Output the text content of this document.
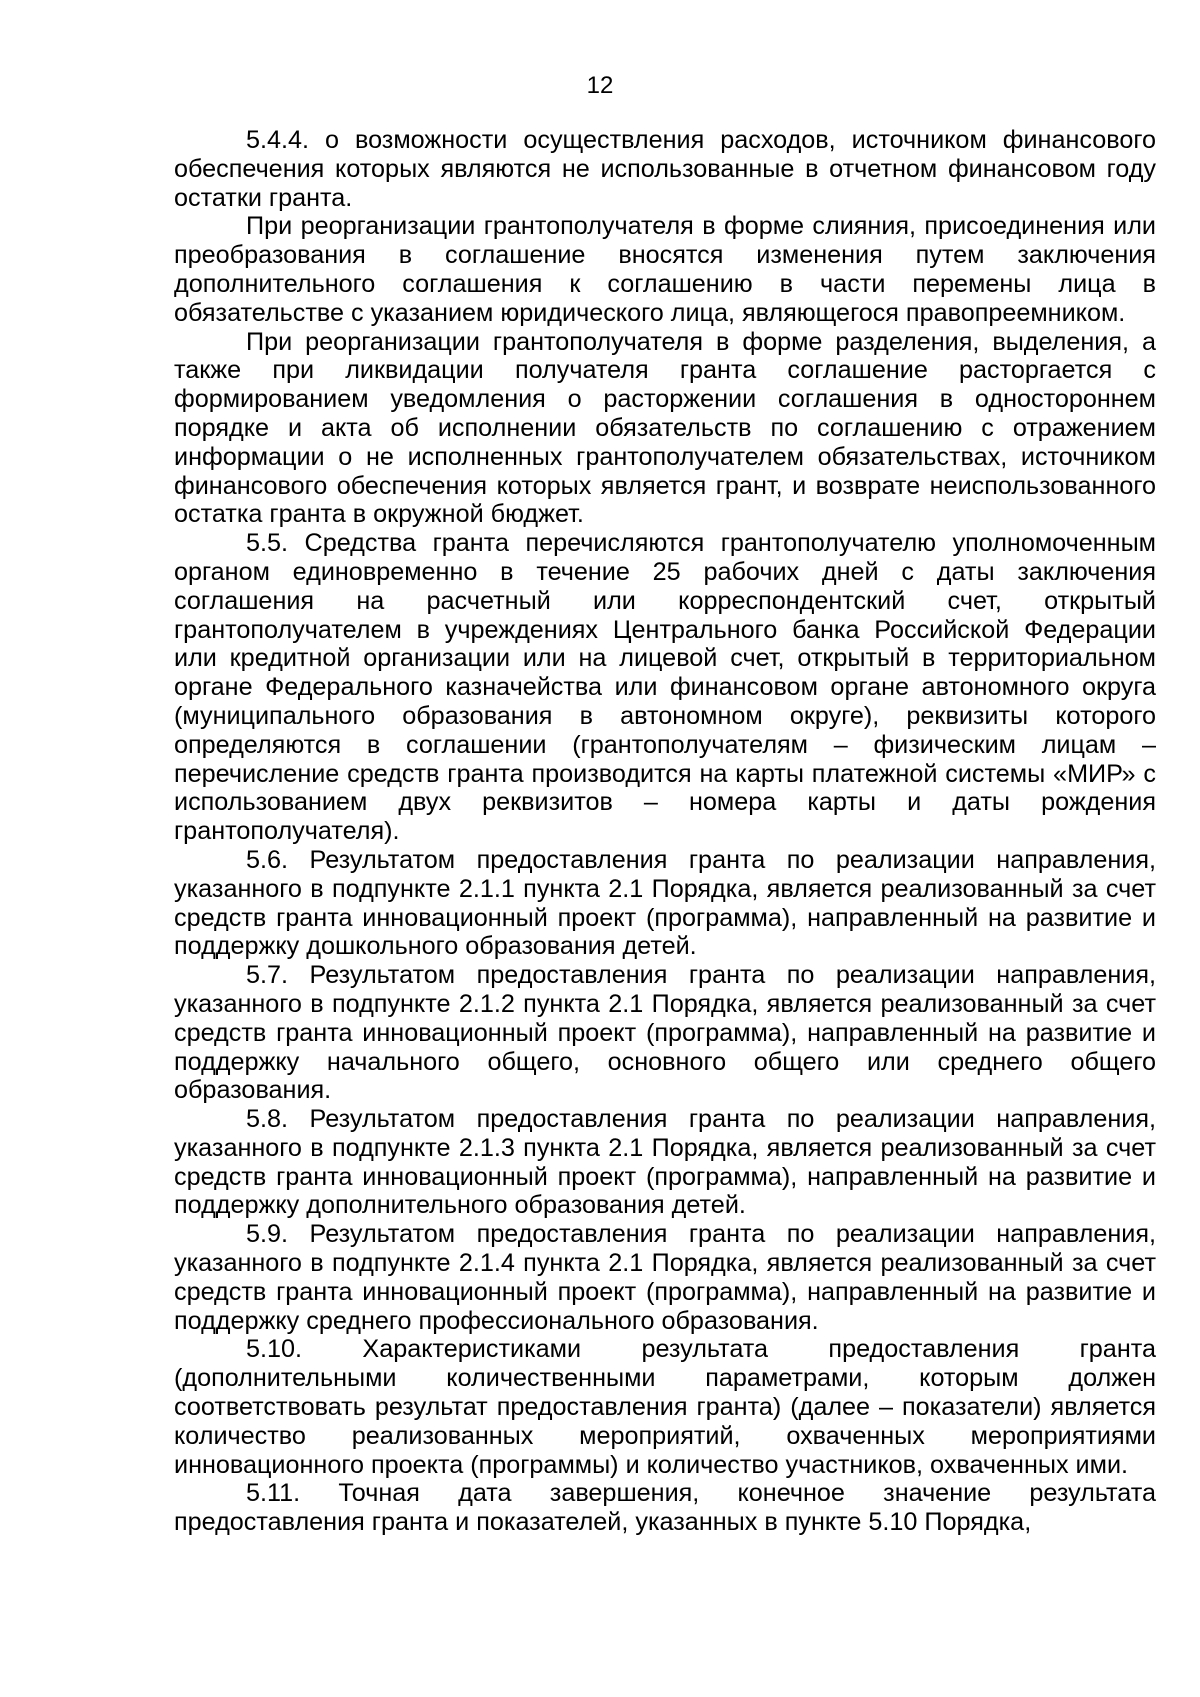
12

5.4.4. о возможности осуществления расходов, источником финансового обеспечения которых являются не использованные в отчетном финансовом году остатки гранта.

При реорганизации грантополучателя в форме слияния, присоединения или преобразования в соглашение вносятся изменения путем заключения дополнительного соглашения к соглашению в части перемены лица в обязательстве с указанием юридического лица, являющегося правопреемником.

При реорганизации грантополучателя в форме разделения, выделения, а также при ликвидации получателя гранта соглашение расторгается с формированием уведомления о расторжении соглашения в одностороннем порядке и акта об исполнении обязательств по соглашению с отражением информации о не исполненных грантополучателем обязательствах, источником финансового обеспечения которых является грант, и возврате неиспользованного остатка гранта в окружной бюджет.

5.5. Средства гранта перечисляются грантополучателю уполномоченным органом единовременно в течение 25 рабочих дней с даты заключения соглашения на расчетный или корреспондентский счет, открытый грантополучателем в учреждениях Центрального банка Российской Федерации или кредитной организации или на лицевой счет, открытый в территориальном органе Федерального казначейства или финансовом органе автономного округа (муниципального образования в автономном округе), реквизиты которого определяются в соглашении (грантополучателям – физическим лицам – перечисление средств гранта производится на карты платежной системы «МИР» с использованием двух реквизитов – номера карты и даты рождения грантополучателя).

5.6. Результатом предоставления гранта по реализации направления, указанного в подпункте 2.1.1 пункта 2.1 Порядка, является реализованный за счет средств гранта инновационный проект (программа), направленный на развитие и поддержку дошкольного образования детей.

5.7. Результатом предоставления гранта по реализации направления, указанного в подпункте 2.1.2 пункта 2.1 Порядка, является реализованный за счет средств гранта инновационный проект (программа), направленный на развитие и поддержку начального общего, основного общего или среднего общего образования.

5.8. Результатом предоставления гранта по реализации направления, указанного в подпункте 2.1.3 пункта 2.1 Порядка, является реализованный за счет средств гранта инновационный проект (программа), направленный на развитие и поддержку дополнительного образования детей.

5.9. Результатом предоставления гранта по реализации направления, указанного в подпункте 2.1.4 пункта 2.1 Порядка, является реализованный за счет средств гранта инновационный проект (программа), направленный на развитие и поддержку среднего профессионального образования.

5.10. Характеристиками результата предоставления гранта (дополнительными количественными параметрами, которым должен соответствовать результат предоставления гранта) (далее – показатели) является количество реализованных мероприятий, охваченных мероприятиями инновационного проекта (программы) и количество участников, охваченных ими.

5.11. Точная дата завершения, конечное значение результата предоставления гранта и показателей, указанных в пункте 5.10 Порядка,
